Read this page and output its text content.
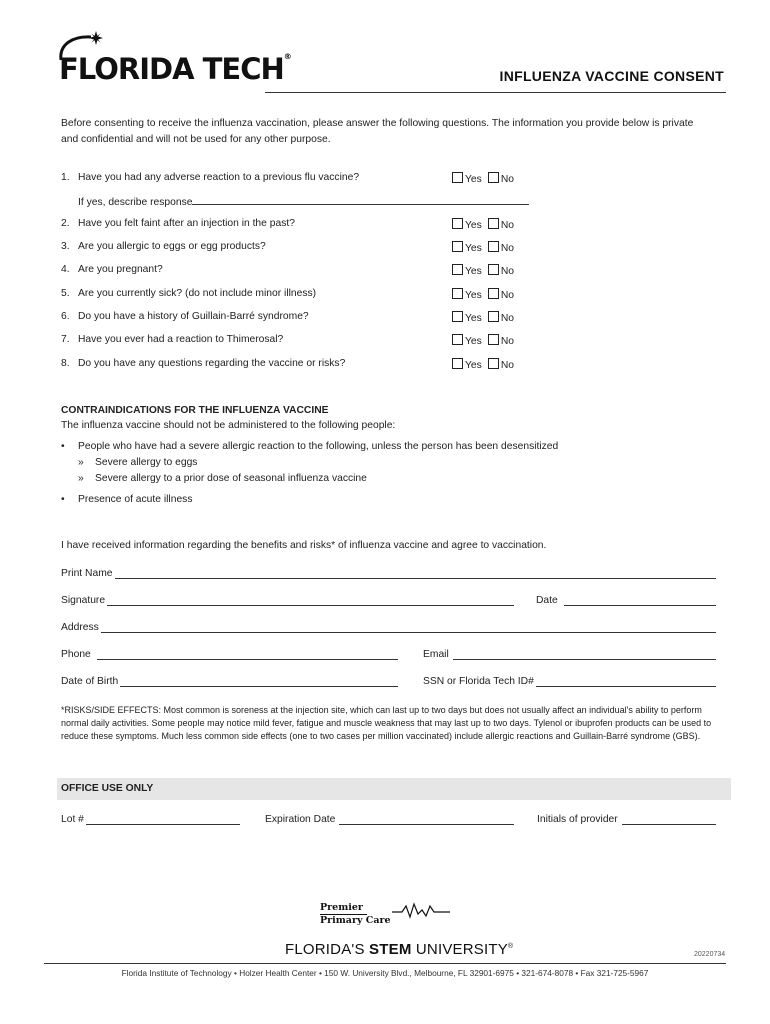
FLORIDA TECH®
INFLUENZA VACCINE CONSENT
Before consenting to receive the influenza vaccination, please answer the following questions. The information you provide below is private and confidential and will not be used for any other purpose.
1. Have you had any adverse reaction to a previous flu vaccine?	Yes No
2. Have you felt faint after an injection in the past?	Yes No
3. Are you allergic to eggs or egg products?	Yes No
4. Are you pregnant?	Yes No
5. Are you currently sick? (do not include minor illness)	Yes No
6. Do you have a history of Guillain-Barré syndrome?	Yes No
7. Have you ever had a reaction to Thimerosal?	Yes No
8. Do you have any questions regarding the vaccine or risks?	Yes No
If yes, describe response
CONTRAINDICATIONS FOR THE INFLUENZA VACCINE
The influenza vaccine should not be administered to the following people:
• People who have had a severe allergic reaction to the following, unless the person has been desensitized
» Severe allergy to eggs
» Severe allergy to a prior dose of seasonal influenza vaccine
• Presence of acute illness
I have received information regarding the benefits and risks* of influenza vaccine and agree to vaccination.
Print Name
Signature	Date
Address
Phone	Email
Date of Birth	SSN or Florida Tech ID#
*RISKS/SIDE EFFECTS: Most common is soreness at the injection site, which can last up to two days but does not usually affect an individual's ability to perform normal daily activities. Some people may notice mild fever, fatigue and muscle weakness that may last up to two days. Tylenol or ibuprofen products can be used to reduce these symptoms. Much less common side effects (one to two cases per million vaccinated) include allergic reactions and Guillain-Barré syndrome (GBS).
OFFICE USE ONLY
Lot #	Expiration Date	Initials of provider
Premier
Primary Care
FLORIDA'S STEM UNIVERSITY®
20220734
Florida Institute of Technology • Holzer Health Center • 150 W. University Blvd., Melbourne, FL 32901-6975 • 321-674-8078 • Fax 321-725-5967
